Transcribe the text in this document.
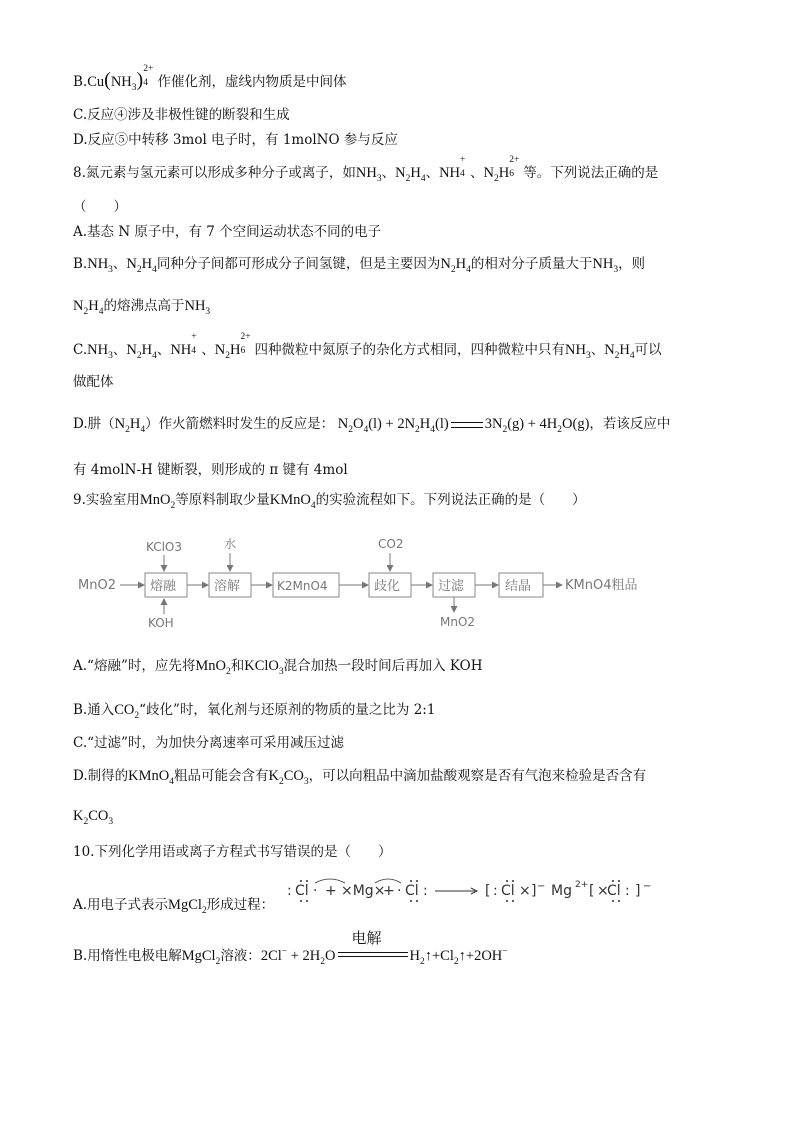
$B.Cu(NH_3)$ 2+
4 作催化剂，虚线内物质是中间体
C.反应④涉及非极性键的断裂和生成
D.反应⑤中转移 3mol 电子时，有 1molNO 参与反应
8.氮元素与氢元素可以形成多种分子或离子，如$NH_3$、$N_2H_4$、NH
+
4 、$N_2H$
2+
6 等。下列说法正确的是
（　　）
A.基态 N 原子中，有 7 个空间运动状态不同的电子
$B.NH_3$、$N_2H_4$同种分子间都可形成分子间氢键，但是主要因为$N_2H_4$的相对分子质量大于$NH_3$，则
$N_2H_4$的熔沸点高于$NH_3$
$C.NH_3$、$N_2H_4$、NH
+
4 、$N_2H$
2+
6 四种微粒中氮原子的杂化方式相同，四种微粒中只有$NH_3$、$N_2H_4$可以
做配体
D.肼$(N_2H_4)$作火箭燃料时发生的反应是： $N_2O_4(l) + 2N_2H_4(l) 3N_2(g) + 4H_2O(g)$，若该反应中
有 4molN-H 键断裂，则形成的 π 键有 4mol
9.实验室用MnO$_2$等原料制取少量KMnO$_4$的实验流程如下。下列说法正确的是（　　）
MnO2	熔融
KClO3
KOH
溶解
水
K2MnO4	歧化
CO2
过滤
MnO2
结晶	KMnO4粗品
A.“熔融”时，应先将MnO$_2$和KClO$_3$混合加热一段时间后再加入 KOH
B.通入$CO_2“$歧化”时，氧化剂与还原剂的物质的量之比为 2:1
C.“过滤”时，为加快分离速率可采用减压过滤
D.制得的KMnO$_4$粗品可能会含有$K_2CO_3$，可以向粗品中滴加盐酸观察是否有气泡来检验是否含有
$K_2CO_3$
10.下列化学用语或离子方程式书写错误的是（　　）
A.用电子式表示MgCl$_2$形成过程：
: Cl · + ×Mg×
+ · Cl :	[ : Cl × ] − Mg 2+ [ ×
Cl : ] −
B.用惰性电极电解MgCl$_2$溶液：$2Cl^- + 2H_2O$
电解
$H_2↑+Cl_2↑+2OH^-$
